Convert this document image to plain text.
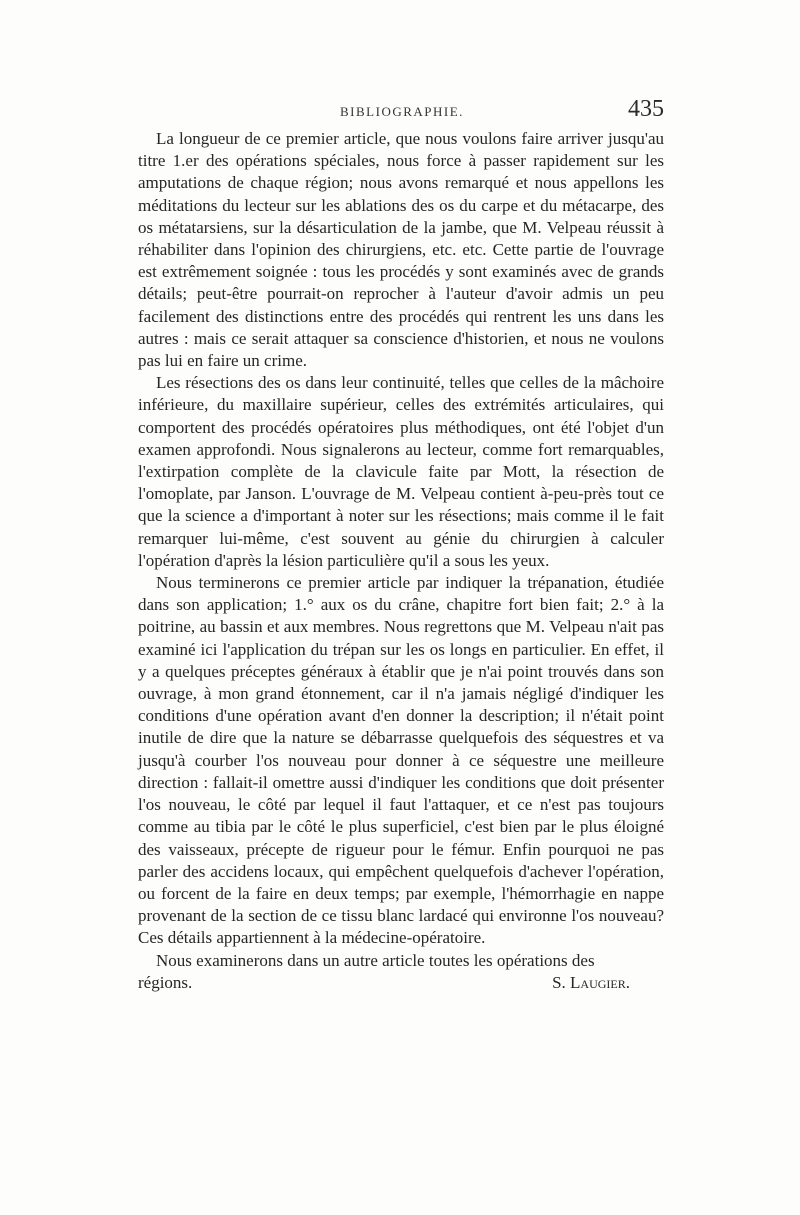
BIBLIOGRAPHIE.	435

La longueur de ce premier article, que nous voulons faire arriver jusqu'au titre 1.er des opérations spéciales, nous force à passer rapidement sur les amputations de chaque région; nous avons remarqué et nous appellons les méditations du lecteur sur les ablations des os du carpe et du métacarpe, des os métatarsiens, sur la désarticulation de la jambe, que M. Velpeau réussit à réhabiliter dans l'opinion des chirurgiens, etc. etc. Cette partie de l'ouvrage est extrêmement soignée : tous les procédés y sont examinés avec de grands détails; peut-être pourrait-on reprocher à l'auteur d'avoir admis un peu facilement des distinctions entre des procédés qui rentrent les uns dans les autres : mais ce serait attaquer sa conscience d'historien, et nous ne voulons pas lui en faire un crime.

Les résections des os dans leur continuité, telles que celles de la mâchoire inférieure, du maxillaire supérieur, celles des extrémités articulaires, qui comportent des procédés opératoires plus méthodiques, ont été l'objet d'un examen approfondi. Nous signalerons au lecteur, comme fort remarquables, l'extirpation complète de la clavicule faite par Mott, la résection de l'omoplate, par Janson. L'ouvrage de M. Velpeau contient à-peu-près tout ce que la science a d'important à noter sur les résections; mais comme il le fait remarquer lui-même, c'est souvent au génie du chirurgien à calculer l'opération d'après la lésion particulière qu'il a sous les yeux.

Nous terminerons ce premier article par indiquer la trépanation, étudiée dans son application; 1.° aux os du crâne, chapitre fort bien fait; 2.° à la poitrine, au bassin et aux membres. Nous regrettons que M. Velpeau n'ait pas examiné ici l'application du trépan sur les os longs en particulier. En effet, il y a quelques préceptes généraux à établir que je n'ai point trouvés dans son ouvrage, à mon grand étonnement, car il n'a jamais négligé d'indiquer les conditions d'une opération avant d'en donner la description; il n'était point inutile de dire que la nature se débarrasse quelquefois des séquestres et va jusqu'à courber l'os nouveau pour donner à ce séquestre une meilleure direction : fallait-il omettre aussi d'indiquer les conditions que doit présenter l'os nouveau, le côté par lequel il faut l'attaquer, et ce n'est pas toujours comme au tibia par le côté le plus superficiel, c'est bien par le plus éloigné des vaisseaux, précepte de rigueur pour le fémur. Enfin pourquoi ne pas parler des accidens locaux, qui empêchent quelquefois d'achever l'opération, ou forcent de la faire en deux temps; par exemple, l'hémorrhagie en nappe provenant de la section de ce tissu blanc lardacé qui environne l'os nouveau? Ces détails appartiennent à la médecine-opératoire.

Nous examinerons dans un autre article toutes les opérations des

régions.	S. Laugier.
